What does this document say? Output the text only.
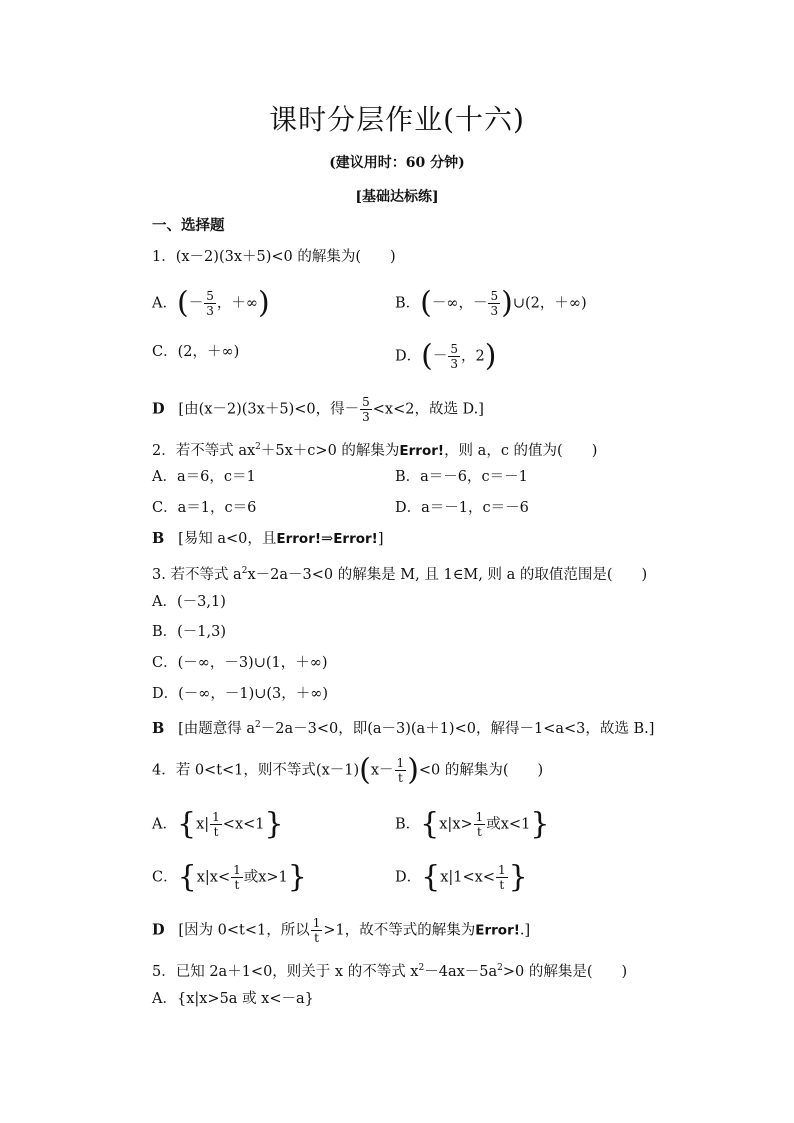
课时分层作业(十六)
(建议用时：60 分钟)
[基础达标练]
一、选择题
1．(x－2)(3x＋5)<0 的解集为(　　)
A．(－ $\frac{5}{3}$ ，＋∞)	B．(－∞，－ $\frac{5}{3}$ )∪(2，＋∞)
C．(2，＋∞)	D．(－ $\frac{5}{3}$ ，2)
D [由(x－2)(3x＋5)<0，得－ $\frac{5}{3} <x<2$，故选 D.]
2．若不等式 $ax^2+5x+c>0$ 的解集为Error!，则 a，c 的值为(　　)
A．a＝6，c＝1	B．a＝－6，c＝－1
C．a＝1，c＝6	D．a＝－1，c＝－6
B [易知 a<0，且Error!⇒Error!]
3. 若不等式 $a^2x-2a-3<0$ 的解集是 M, 且 1∈M, 则 a 的取值范围是(　　)
A．(－3,1)
B．(－1,3)
C．(－∞，－3)∪(1，＋∞)
D．(－∞，－1)∪(3，＋∞)
B [由题意得 $a^2-2a-3<0$，即(a－3)(a＋1)<0，解得－1<a<3，故选 B.]
4．若 0<t<1，则不等式$(x-1)(x- \frac{1}{t} )<0$ 的解集为(　　)
A．$\{x| \frac{1}{t} <x<1\}$	B．{$x|x> \frac{1}{t}$ 或x<1}
C．{$x|x< \frac{1}{t}$ 或x>1}	D．{$x|1<x< \frac{1}{t}$ }
D [因为 0<t<1，所以 $\frac{1}{t} >1$，故不等式的解集为Error!.]
5．已知 2a＋1<0，则关于 x 的不等式 $x^2-4ax-5a^2>0$ 的解集是(　　)
A．{x|x>5a 或 x<－a}
